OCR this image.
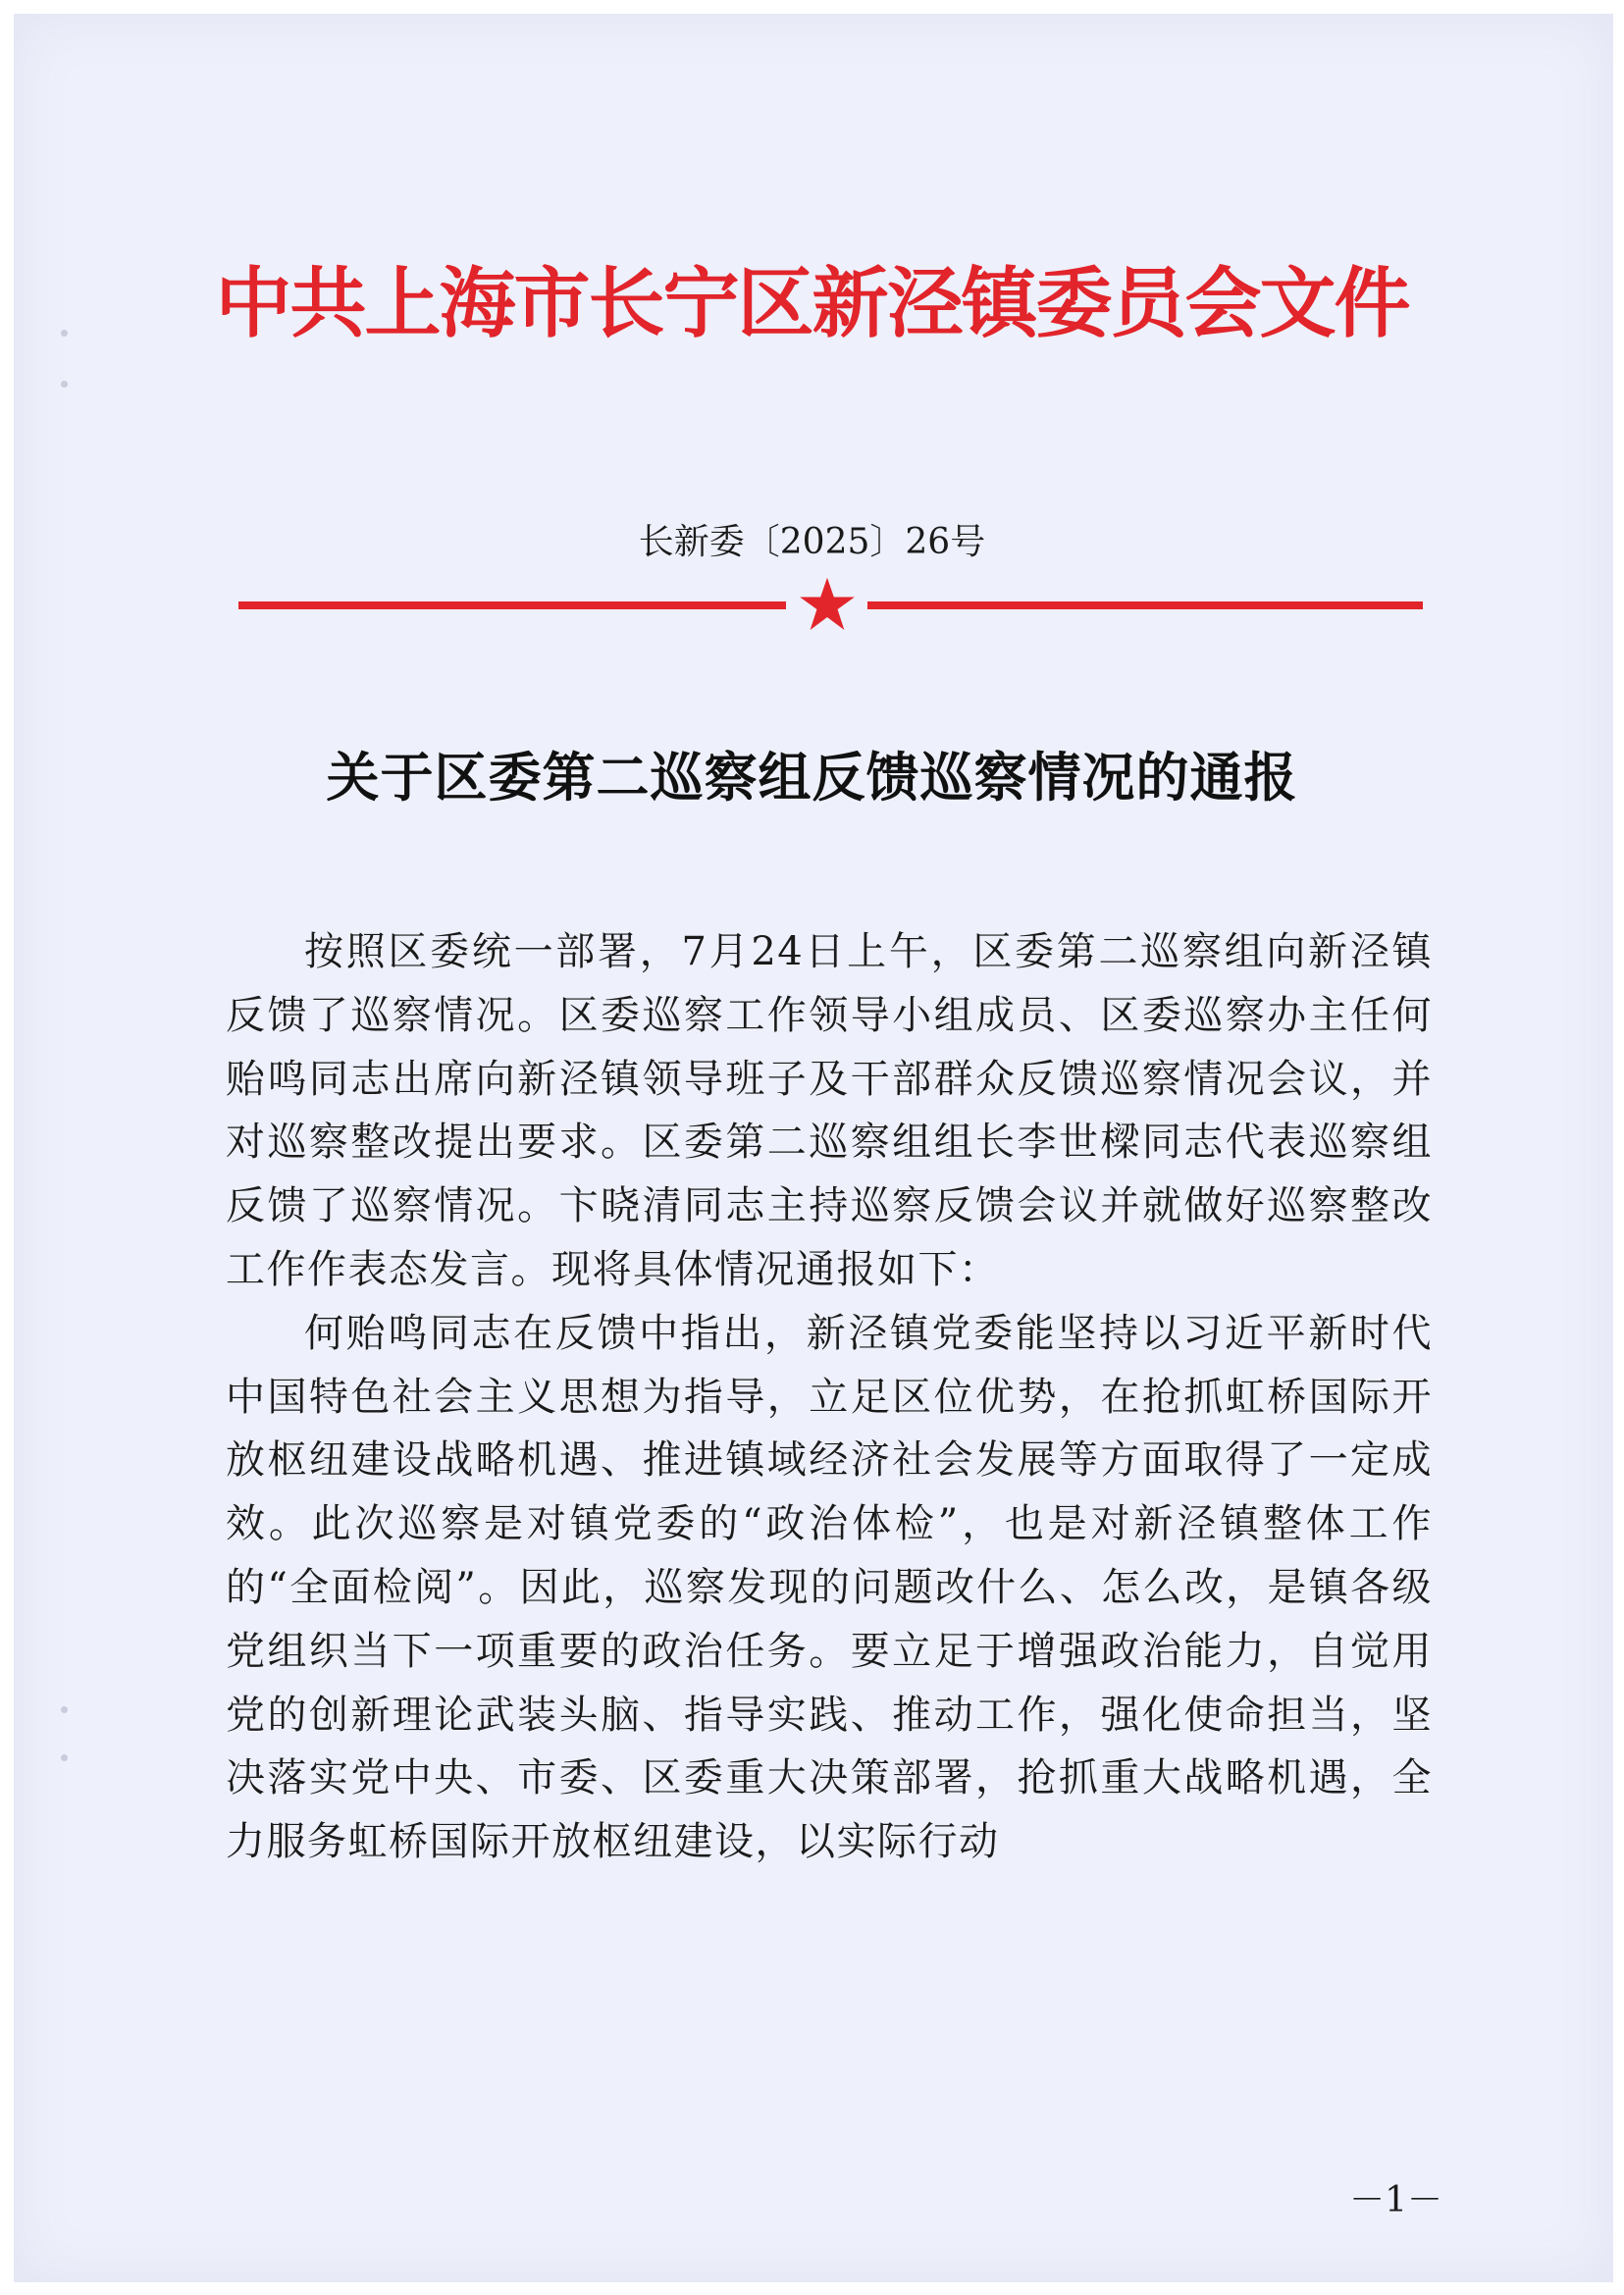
中共上海市长宁区新泾镇委员会文件
长新委〔2025〕26号
关于区委第二巡察组反馈巡察情况的通报

按照区委统一部署，7月24日上午，区委第二巡察组向新泾镇反馈了巡察情况。区委巡察工作领导小组成员、区委巡察办主任何贻鸣同志出席向新泾镇领导班子及干部群众反馈巡察情况会议，并对巡察整改提出要求。区委第二巡察组组长李世樑同志代表巡察组反馈了巡察情况。卞晓清同志主持巡察反馈会议并就做好巡察整改工作作表态发言。现将具体情况通报如下：

何贻鸣同志在反馈中指出，新泾镇党委能坚持以习近平新时代中国特色社会主义思想为指导，立足区位优势，在抢抓虹桥国际开放枢纽建设战略机遇、推进镇域经济社会发展等方面取得了一定成效。此次巡察是对镇党委的“政治体检”，也是对新泾镇整体工作的“全面检阅”。因此，巡察发现的问题改什么、怎么改，是镇各级党组织当下一项重要的政治任务。要立足于增强政治能力，自觉用党的创新理论武装头脑、指导实践、推动工作，强化使命担当，坚决落实党中央、市委、区委重大决策部署，抢抓重大战略机遇，全力服务虹桥国际开放枢纽建设，以实际行动

－1－
